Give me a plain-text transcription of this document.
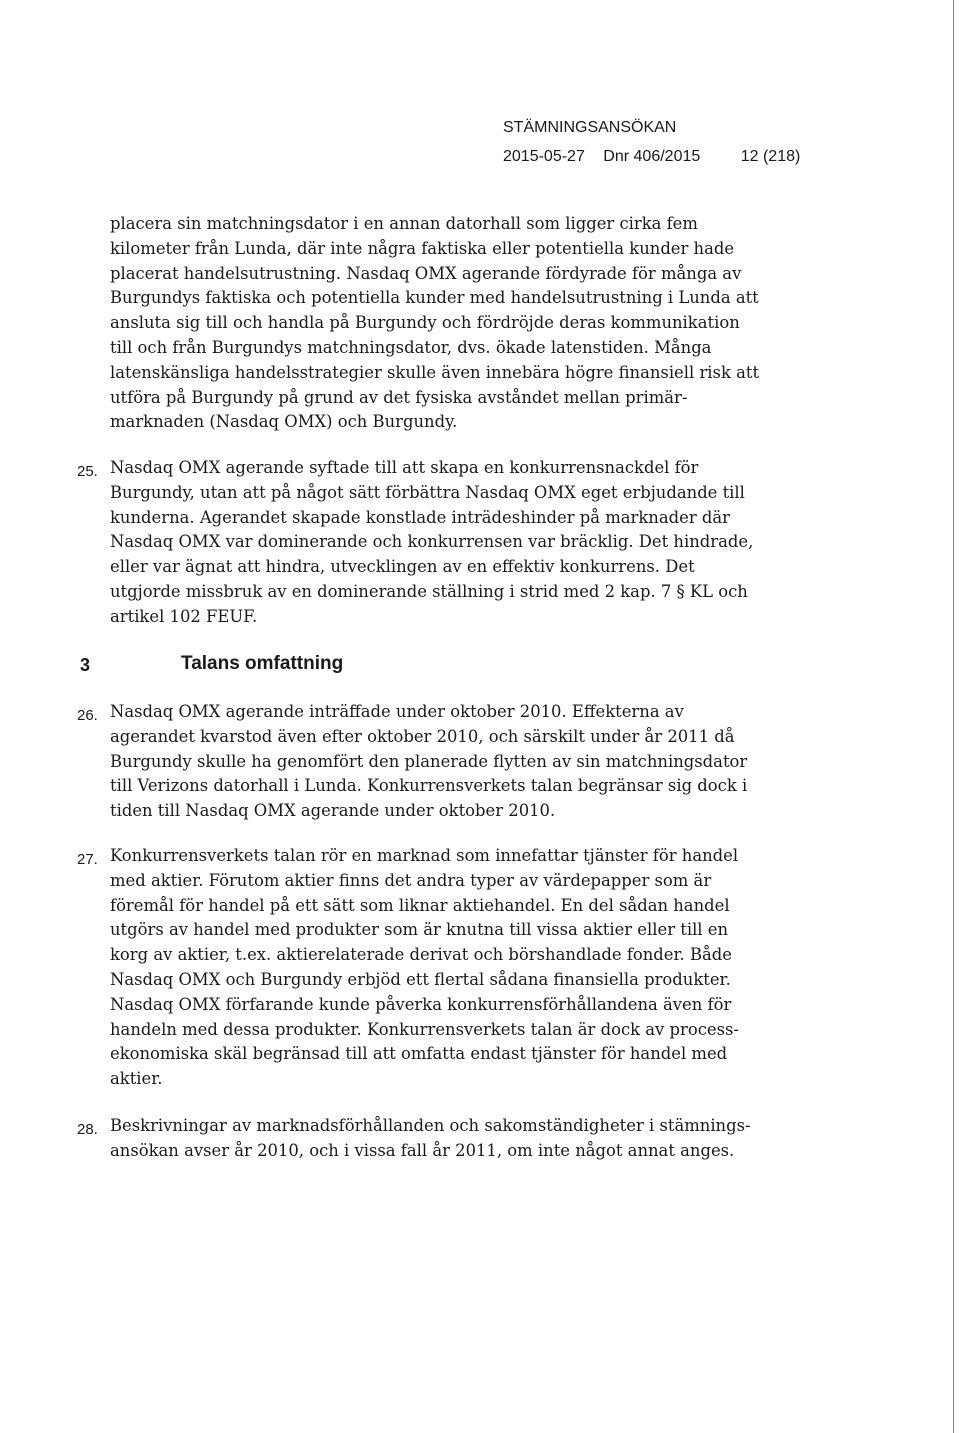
STÄMNINGSANSÖKAN
2015-05-27 Dnr 406/2015	12 (218)

placera sin matchningsdator i en annan datorhall som ligger cirka fem

kilometer från Lunda, där inte några faktiska eller potentiella kunder hade

placerat handelsutrustning. Nasdaq OMX agerande fördyrade för många av

Burgundys faktiska och potentiella kunder med handelsutrustning i Lunda att

ansluta sig till och handla på Burgundy och fördröjde deras kommunikation

till och från Burgundys matchningsdator, dvs. ökade latenstiden. Många

latenskänsliga handelsstrategier skulle även innebära högre finansiell risk att

utföra på Burgundy på grund av det fysiska avståndet mellan primär-

marknaden (Nasdaq OMX) och Burgundy.

25. Nasdaq OMX agerande syftade till att skapa en konkurrensnackdel för

Burgundy, utan att på något sätt förbättra Nasdaq OMX eget erbjudande till

kunderna. Agerandet skapade konstlade inträdeshinder på marknader där

Nasdaq OMX var dominerande och konkurrensen var bräcklig. Det hindrade,

eller var ägnat att hindra, utvecklingen av en effektiv konkurrens. Det

utgjorde missbruk av en dominerande ställning i strid med 2 kap. 7 § KL och

artikel 102 FEUF.

3	Talans omfattning
26. Nasdaq OMX agerande inträffade under oktober 2010. Effekterna av

agerandet kvarstod även efter oktober 2010, och särskilt under år 2011 då

Burgundy skulle ha genomfört den planerade flytten av sin matchningsdator

till Verizons datorhall i Lunda. Konkurrensverkets talan begränsar sig dock i

tiden till Nasdaq OMX agerande under oktober 2010.

27. Konkurrensverkets talan rör en marknad som innefattar tjänster för handel

med aktier. Förutom aktier finns det andra typer av värdepapper som är

föremål för handel på ett sätt som liknar aktiehandel. En del sådan handel

utgörs av handel med produkter som är knutna till vissa aktier eller till en

korg av aktier, t.ex. aktierelaterade derivat och börshandlade fonder. Både

Nasdaq OMX och Burgundy erbjöd ett flertal sådana finansiella produkter.

Nasdaq OMX förfarande kunde påverka konkurrensförhållandena även för

handeln med dessa produkter. Konkurrensverkets talan är dock av process-

ekonomiska skäl begränsad till att omfatta endast tjänster för handel med

aktier.

28. Beskrivningar av marknadsförhållanden och sakomständigheter i stämnings-

ansökan avser år 2010, och i vissa fall år 2011, om inte något annat anges.
